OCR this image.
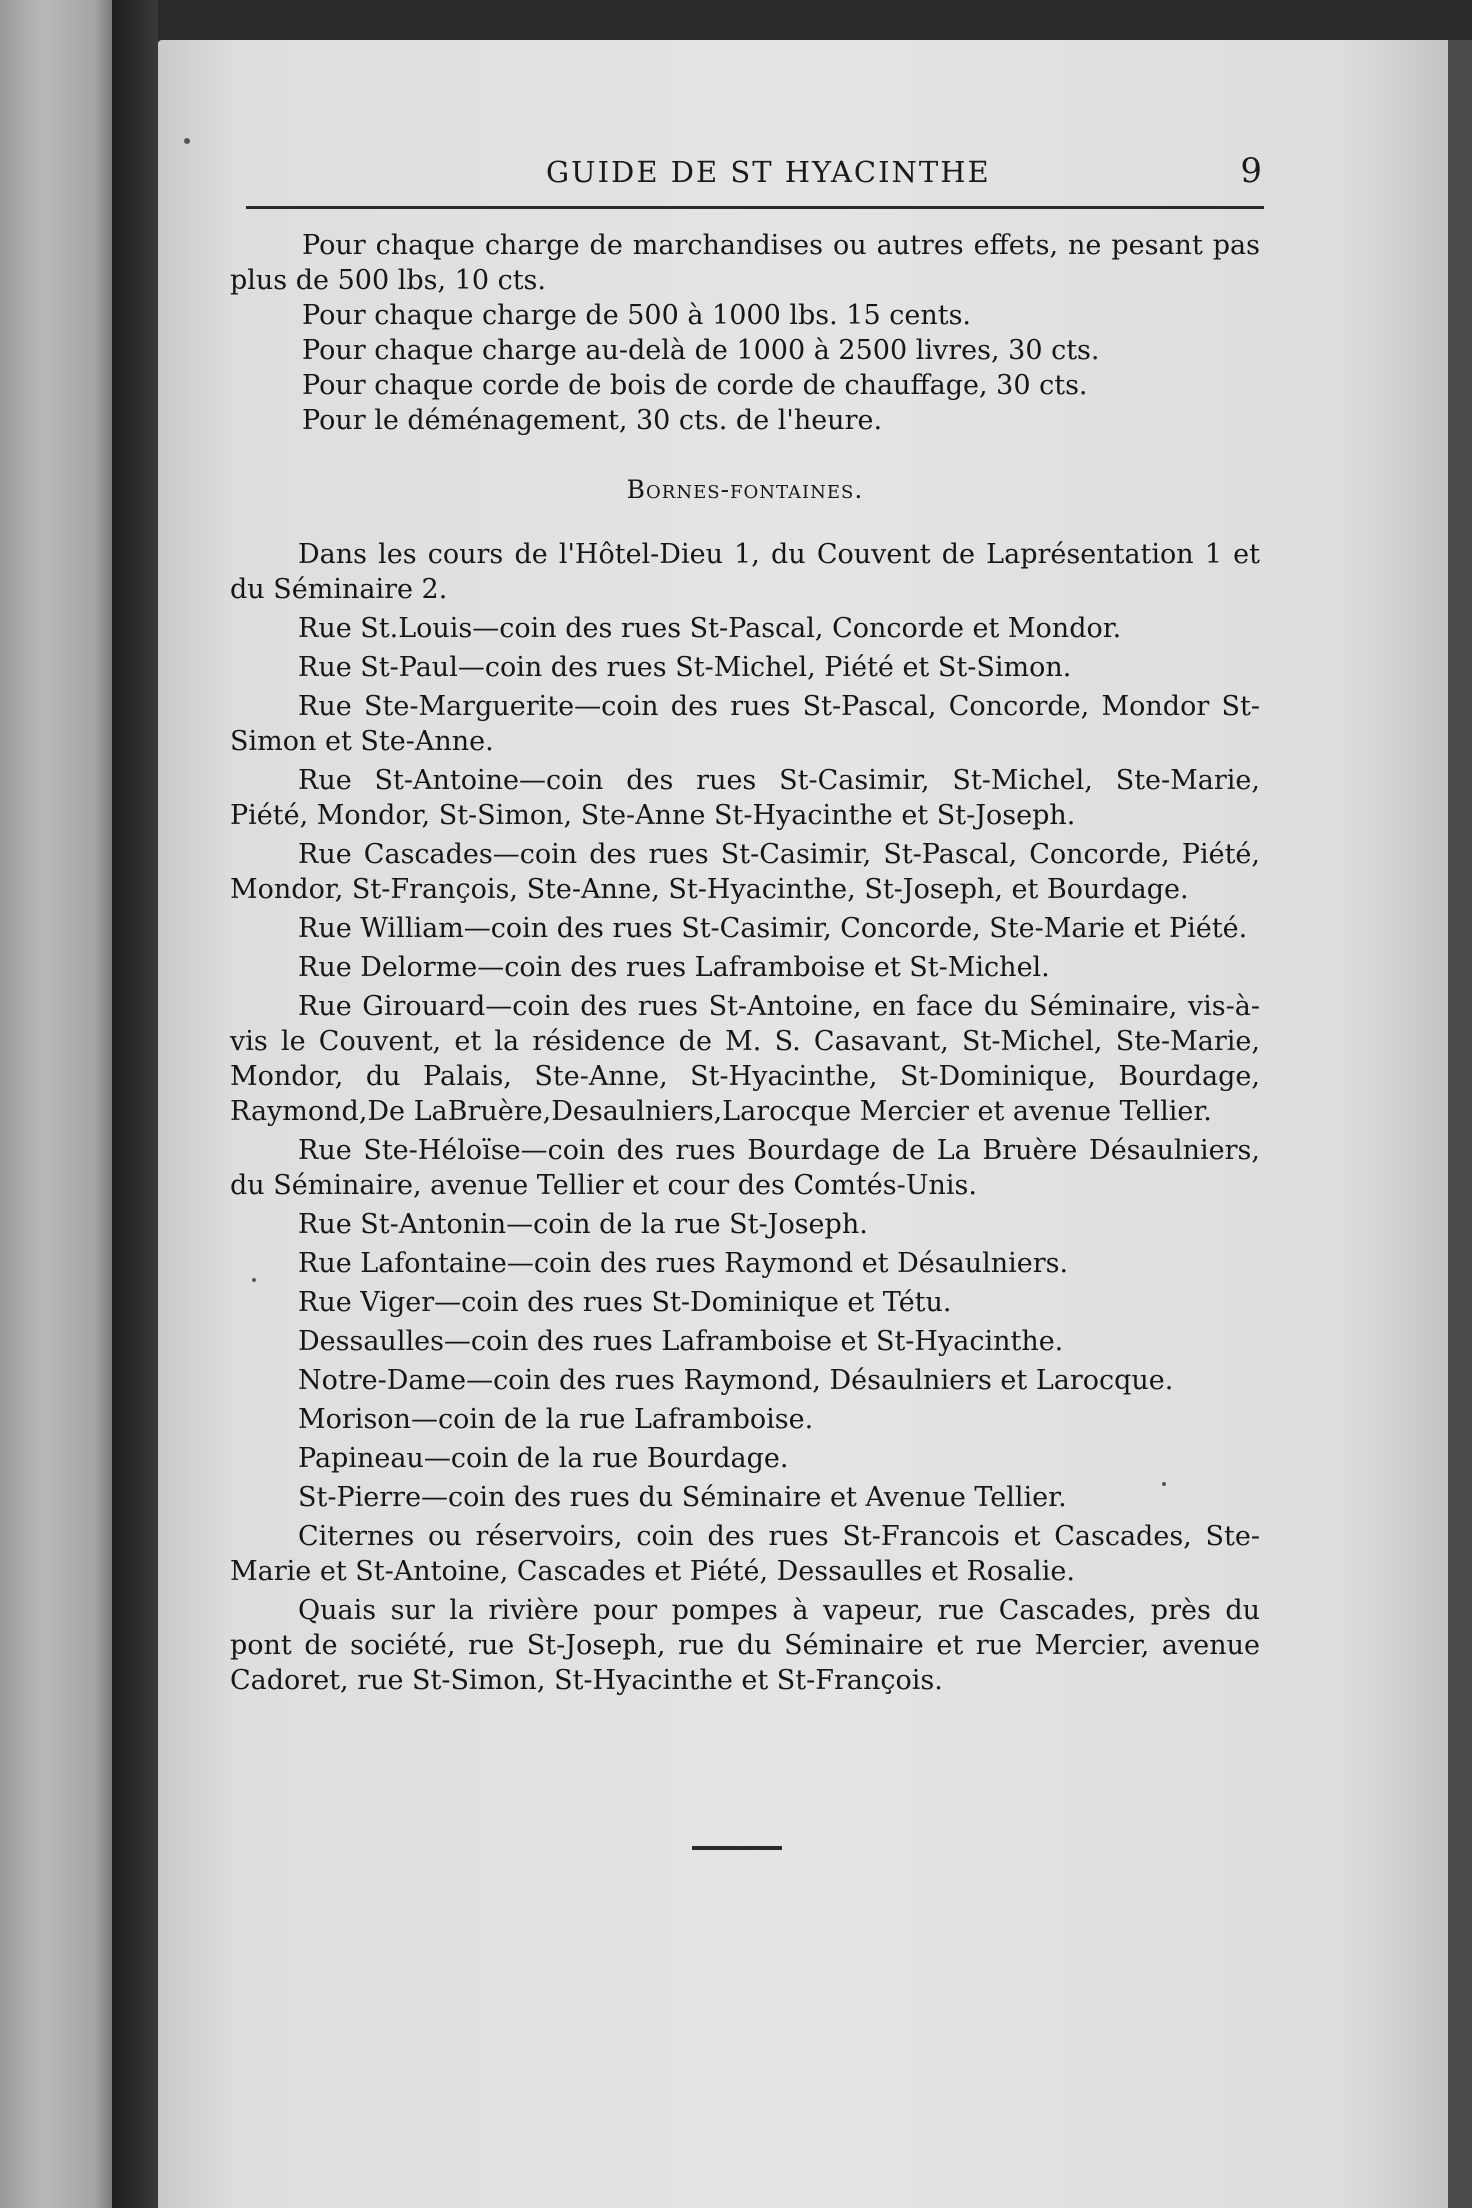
GUIDE DE ST HYACINTHE	9

Pour chaque charge de marchandises ou autres effets, ne pesant pas plus de 500 lbs, 10 cts.

Pour chaque charge de 500 à 1000 lbs. 15 cents.

Pour chaque charge au-delà de 1000 à 2500 livres, 30 cts.

Pour chaque corde de bois de corde de chauffage, 30 cts.

Pour le déménagement, 30 cts. de l'heure.

Bornes-fontaines.

Dans les cours de l'Hôtel-Dieu 1, du Couvent de Laprésentation 1 et du Séminaire 2.

Rue St.Louis—coin des rues St-Pascal, Concorde et Mondor.

Rue St-Paul—coin des rues St-Michel, Piété et St-Simon.

Rue Ste-Marguerite—coin des rues St-Pascal, Concorde, Mondor St-Simon et Ste-Anne.

Rue St-Antoine—coin des rues St-Casimir, St-Michel, Ste-Marie, Piété, Mondor, St-Simon, Ste-Anne St-Hyacinthe et St-Joseph.

Rue Cascades—coin des rues St-Casimir, St-Pascal, Concorde, Piété, Mondor, St-François, Ste-Anne, St-Hyacinthe, St-Joseph, et Bourdage.

Rue William—coin des rues St-Casimir, Concorde, Ste-Marie et Piété.

Rue Delorme—coin des rues Laframboise et St-Michel.

Rue Girouard—coin des rues St-Antoine, en face du Séminaire, vis-à-vis le Couvent, et la résidence de M. S. Casavant, St-Michel, Ste-Marie, Mondor, du Palais, Ste-Anne, St-Hyacinthe, St-Dominique, Bourdage, Raymond,De LaBruère,Desaulniers,Larocque Mercier et avenue Tellier.

Rue Ste-Héloïse—coin des rues Bourdage de La Bruère Désaulniers, du Séminaire, avenue Tellier et cour des Comtés-Unis.

Rue St-Antonin—coin de la rue St-Joseph.

Rue Lafontaine—coin des rues Raymond et Désaulniers.

Rue Viger—coin des rues St-Dominique et Tétu.

Dessaulles—coin des rues Laframboise et St-Hyacinthe.

Notre-Dame—coin des rues Raymond, Désaulniers et Larocque.

Morison—coin de la rue Laframboise.

Papineau—coin de la rue Bourdage.

St-Pierre—coin des rues du Séminaire et Avenue Tellier.

Citernes ou réservoirs, coin des rues St-Francois et Cascades, Ste-Marie et St-Antoine, Cascades et Piété, Dessaulles et Rosalie.

Quais sur la rivière pour pompes à vapeur, rue Cascades, près du pont de société, rue St-Joseph, rue du Séminaire et rue Mercier, avenue Cadoret, rue St-Simon, St-Hyacinthe et St-François.
